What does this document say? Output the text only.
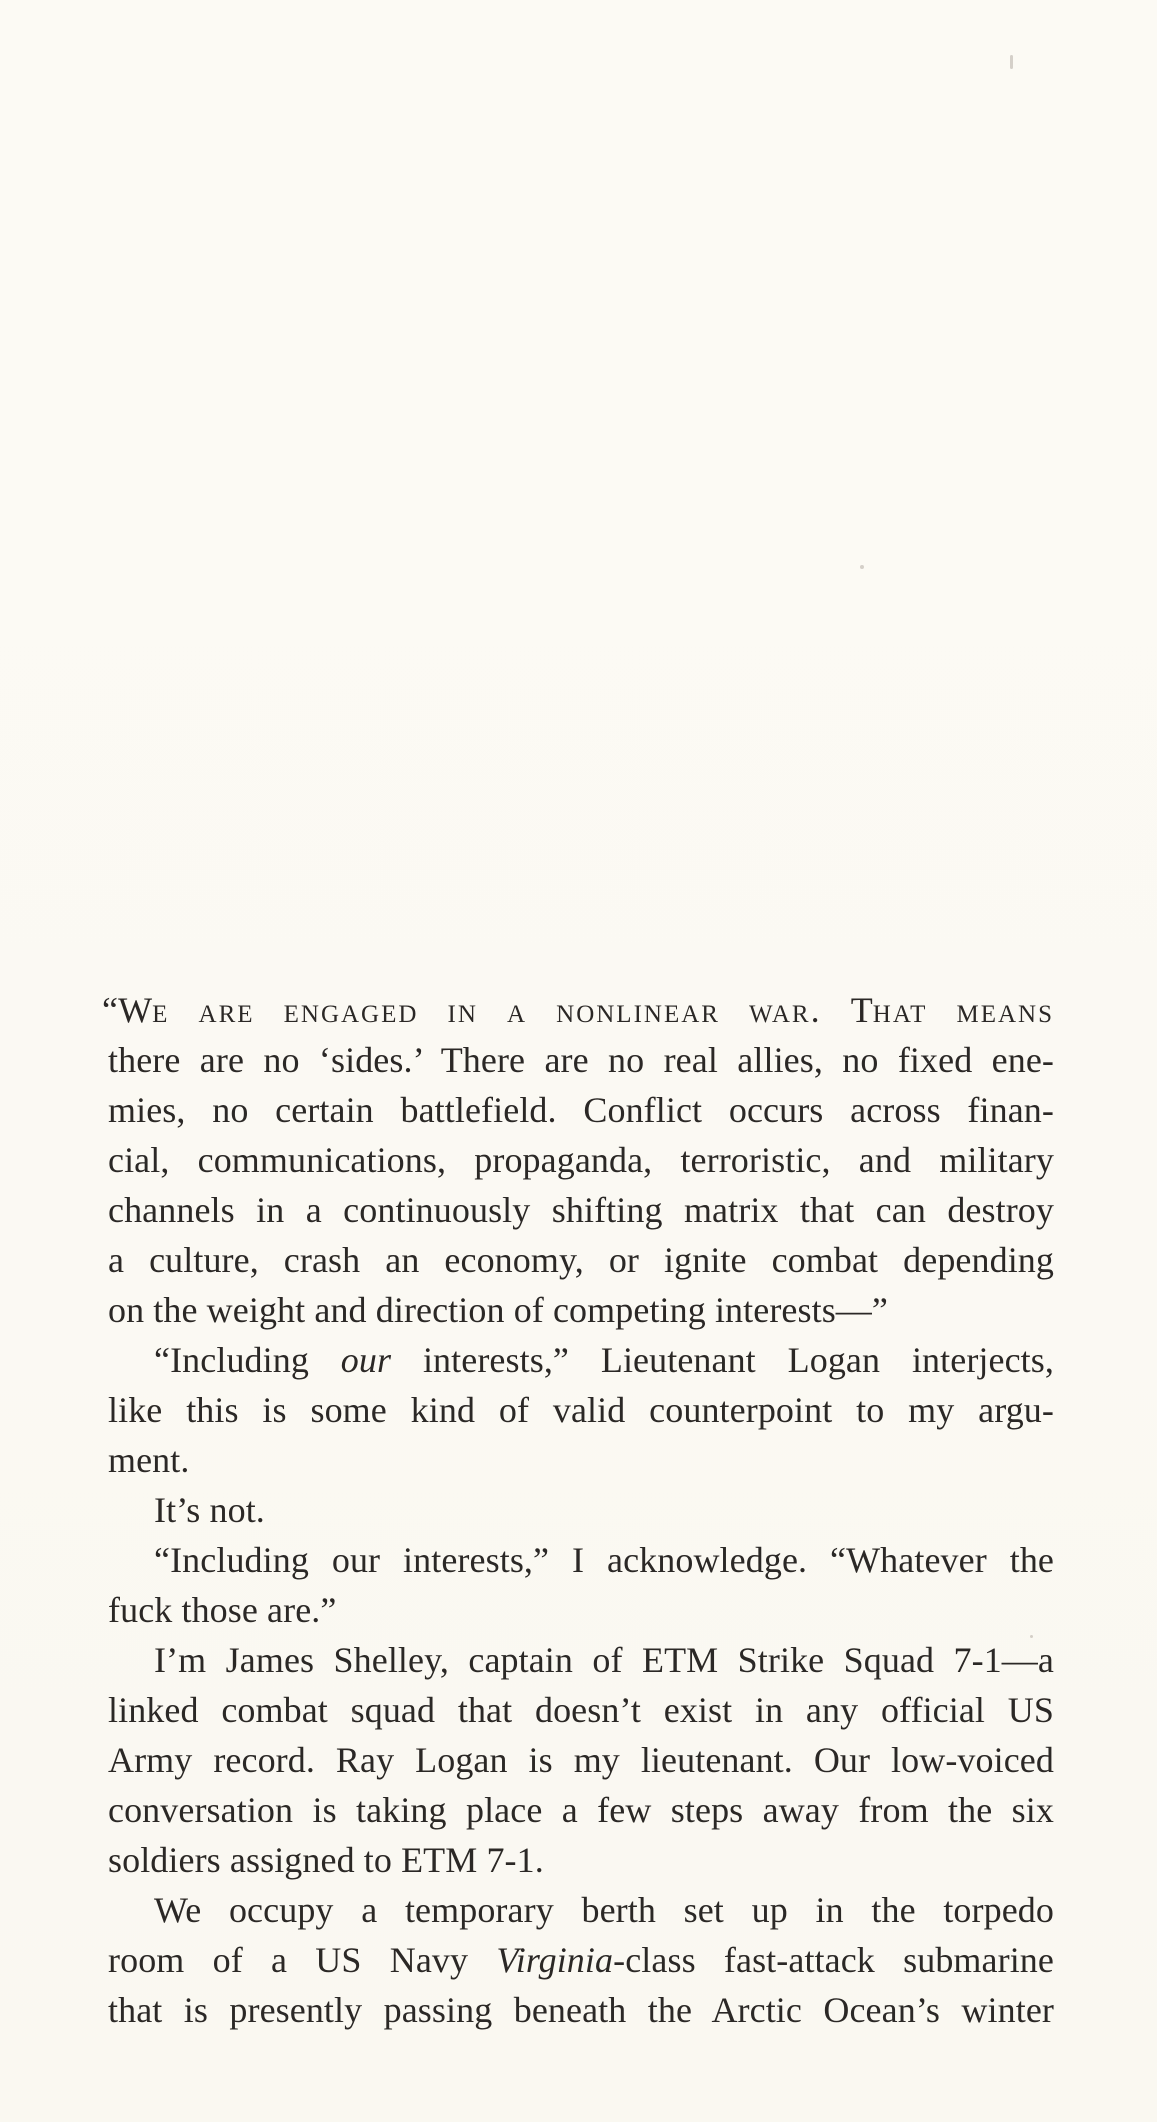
“We are engaged in a nonlinear war. That means
there are no ‘sides.’ There are no real allies, no fixed ene-
mies, no certain battlefield. Conflict occurs across finan-
cial, communications, propaganda, terroristic, and military
channels in a continuously shifting matrix that can destroy
a culture, crash an economy, or ignite combat depending
on the weight and direction of competing interests—”
“Including our interests,” Lieutenant Logan interjects,
like this is some kind of valid counterpoint to my argu-
ment.
It’s not.
“Including our interests,” I acknowledge. “Whatever the
fuck those are.”
I’m James Shelley, captain of ETM Strike Squad 7-1—a
linked combat squad that doesn’t exist in any official US
Army record. Ray Logan is my lieutenant. Our low-voiced
conversation is taking place a few steps away from the six
soldiers assigned to ETM 7-1.
We occupy a temporary berth set up in the torpedo
room of a US Navy Virginia-class fast-attack submarine
that is presently passing beneath the Arctic Ocean’s winter
